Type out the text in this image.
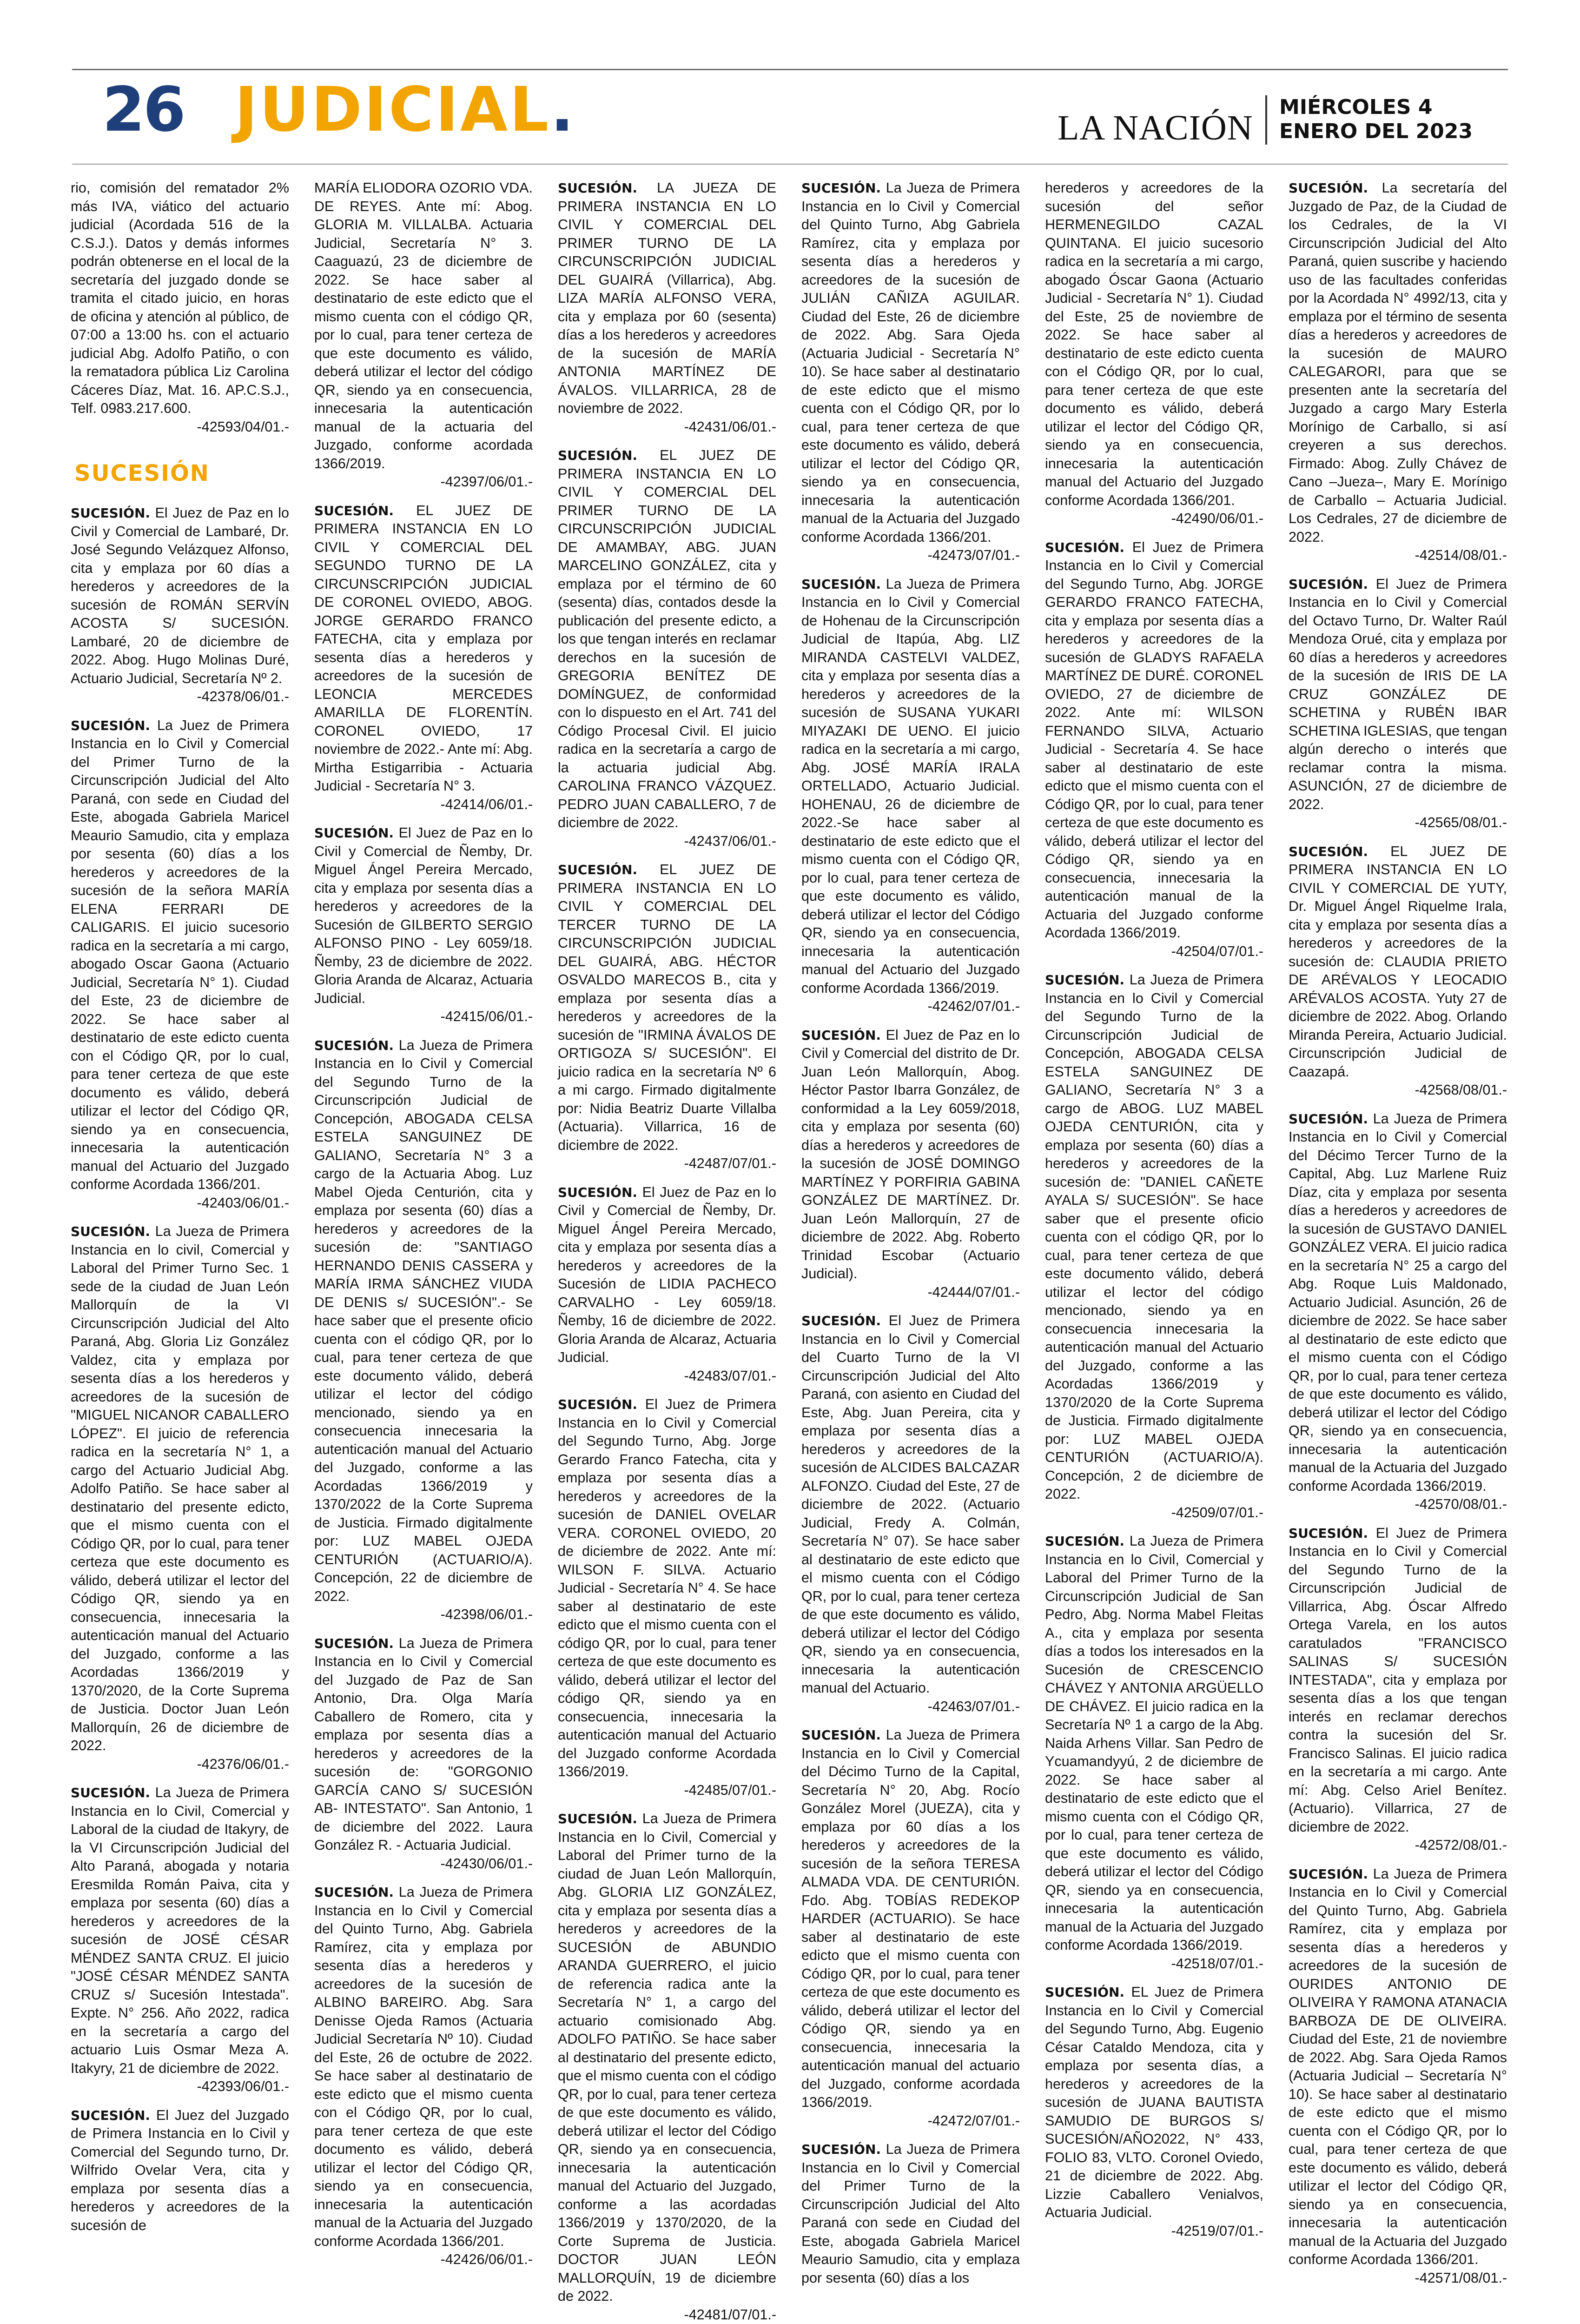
26 JUDICIAL.	LA NACIÓN
MIÉRCOLES 4
ENERO DEL 2023

rio, comisión del rematador 2% más IVA, viático del actuario judicial (Acordada 516 de la C.S.J.). Datos y demás informes podrán obtenerse en el local de la secretaría del juzgado donde se tramita el citado juicio, en horas de oficina y atención al público, de 07:00 a 13:00 hs. con el actuario judicial Abg. Adolfo Patiño, o con la rematadora pública Liz Carolina Cáceres Díaz, Mat. 16. AP.C.S.J., Telf. 0983.217.600.

-42593/04/01.-
SUCESIÓN

SUCESIÓN. El Juez de Paz en lo Civil y Comercial de Lambaré, Dr. José Segundo Velázquez Alfonso, cita y emplaza por 60 días a herederos y acreedores de la sucesión de ROMÁN SERVÍN ACOSTA S/ SUCESIÓN. Lambaré, 20 de diciembre de 2022. Abog. Hugo Molinas Duré, Actuario Judicial, Secretaría Nº 2.

-42378/06/01.-

SUCESIÓN. La Juez de Primera Instancia en lo Civil y Comercial del Primer Turno de la Circunscripción Judicial del Alto Paraná, con sede en Ciudad del Este, abogada Gabriela Maricel Meaurio Samudio, cita y emplaza por sesenta (60) días a los herederos y acreedores de la sucesión de la señora MARÍA ELENA FERRARI DE CALIGARIS. El juicio sucesorio radica en la secretaría a mi cargo, abogado Oscar Gaona (Actuario Judicial, Secretaría N° 1). Ciudad del Este, 23 de diciembre de 2022. Se hace saber al destinatario de este edicto cuenta con el Código QR, por lo cual, para tener certeza de que este documento es válido, deberá utilizar el lector del Código QR, siendo ya en consecuencia, innecesaria la autenticación manual del Actuario del Juzgado conforme Acordada 1366/201.

-42403/06/01.-

SUCESIÓN. La Jueza de Primera Instancia en lo civil, Comercial y Laboral del Primer Turno Sec. 1 sede de la ciudad de Juan León Mallorquín de la VI Circunscripción Judicial del Alto Paraná, Abg. Gloria Liz González Valdez, cita y emplaza por sesenta días a los herederos y acreedores de la sucesión de "MIGUEL NICANOR CABALLERO LÓPEZ". El juicio de referencia radica en la secretaría N° 1, a cargo del Actuario Judicial Abg. Adolfo Patiño. Se hace saber al destinatario del presente edicto, que el mismo cuenta con el Código QR, por lo cual, para tener certeza que este documento es válido, deberá utilizar el lector del Código QR, siendo ya en consecuencia, innecesaria la autenticación manual del Actuario del Juzgado, conforme a las Acordadas 1366/2019 y 1370/2020, de la Corte Suprema de Justicia. Doctor Juan León Mallorquín, 26 de diciembre de 2022.

-42376/06/01.-

SUCESIÓN. La Jueza de Primera Instancia en lo Civil, Comercial y Laboral de la ciudad de Itakyry, de la VI Circunscripción Judicial del Alto Paraná, abogada y notaria Eresmilda Román Paiva, cita y emplaza por sesenta (60) días a herederos y acreedores de la sucesión de JOSÉ CÉSAR MÉNDEZ SANTA CRUZ. El juicio "JOSÉ CÉSAR MÉNDEZ SANTA CRUZ s/ Sucesión Intestada". Expte. N° 256. Año 2022, radica en la secretaría a cargo del actuario Luis Osmar Meza A. Itakyry, 21 de diciembre de 2022.

-42393/06/01.-

SUCESIÓN. El Juez del Juzgado de Primera Instancia en lo Civil y Comercial del Segundo turno, Dr. Wilfrido Ovelar Vera, cita y emplaza por sesenta días a herederos y acreedores de la sucesión de

MARÍA ELIODORA OZORIO VDA. DE REYES. Ante mí: Abog. GLORIA M. VILLALBA. Actuaria Judicial, Secretaría N° 3. Caaguazú, 23 de diciembre de 2022. Se hace saber al destinatario de este edicto que el mismo cuenta con el código QR, por lo cual, para tener certeza de que este documento es válido, deberá utilizar el lector del código QR, siendo ya en consecuencia, innecesaria la autenticación manual de la actuaria del Juzgado, conforme acordada 1366/2019.

-42397/06/01.-

SUCESIÓN. EL JUEZ DE PRIMERA INSTANCIA EN LO CIVIL Y COMERCIAL DEL SEGUNDO TURNO DE LA CIRCUNSCRIPCIÓN JUDICIAL DE CORONEL OVIEDO, ABOG. JORGE GERARDO FRANCO FATECHA, cita y emplaza por sesenta días a herederos y acreedores de la sucesión de LEONCIA MERCEDES AMARILLA DE FLORENTÍN. CORONEL OVIEDO, 17 noviembre de 2022.- Ante mí: Abg. Mirtha Estigarribia - Actuaria Judicial - Secretaría N° 3.

-42414/06/01.-

SUCESIÓN. El Juez de Paz en lo Civil y Comercial de Ñemby, Dr. Miguel Ángel Pereira Mercado, cita y emplaza por sesenta días a herederos y acreedores de la Sucesión de GILBERTO SERGIO ALFONSO PINO - Ley 6059/18. Ñemby, 23 de diciembre de 2022. Gloria Aranda de Alcaraz, Actuaria Judicial.

-42415/06/01.-

SUCESIÓN. La Jueza de Primera Instancia en lo Civil y Comercial del Segundo Turno de la Circunscripción Judicial de Concepción, ABOGADA CELSA ESTELA SANGUINEZ DE GALIANO, Secretaría N° 3 a cargo de la Actuaria Abog. Luz Mabel Ojeda Centurión, cita y emplaza por sesenta (60) días a herederos y acreedores de la sucesión de: "SANTIAGO HERNANDO DENIS CASSERA y MARÍA IRMA SÁNCHEZ VIUDA DE DENIS s/ SUCESIÓN".- Se hace saber que el presente oficio cuenta con el código QR, por lo cual, para tener certeza de que este documento válido, deberá utilizar el lector del código mencionado, siendo ya en consecuencia innecesaria la autenticación manual del Actuario del Juzgado, conforme a las Acordadas 1366/2019 y 1370/2022 de la Corte Suprema de Justicia. Firmado digitalmente por: LUZ MABEL OJEDA CENTURIÓN (ACTUARIO/A). Concepción, 22 de diciembre de 2022.

-42398/06/01.-

SUCESIÓN. La Jueza de Primera Instancia en lo Civil y Comercial del Juzgado de Paz de San Antonio, Dra. Olga María Caballero de Romero, cita y emplaza por sesenta días a herederos y acreedores de la sucesión de: "GORGONIO GARCÍA CANO S/ SUCESIÓN AB- INTESTATO". San Antonio, 1 de diciembre del 2022. Laura González R. - Actuaria Judicial.

-42430/06/01.-

SUCESIÓN. La Jueza de Primera Instancia en lo Civil y Comercial del Quinto Turno, Abg. Gabriela Ramírez, cita y emplaza por sesenta días a herederos y acreedores de la sucesión de ALBINO BAREIRO. Abg. Sara Denisse Ojeda Ramos (Actuaria Judicial Secretaría Nº 10). Ciudad del Este, 26 de octubre de 2022. Se hace saber al destinatario de este edicto que el mismo cuenta con el Código QR, por lo cual, para tener certeza de que este documento es válido, deberá utilizar el lector del Código QR, siendo ya en consecuencia, innecesaria la autenticación manual de la Actuaria del Juzgado conforme Acordada 1366/201.

-42426/06/01.-

SUCESIÓN. LA JUEZA DE PRIMERA INSTANCIA EN LO CIVIL Y COMERCIAL DEL PRIMER TURNO DE LA CIRCUNSCRIPCIÓN JUDICIAL DEL GUAIRÁ (Villarrica), Abg. LIZA MARÍA ALFONSO VERA, cita y emplaza por 60 (sesenta) días a los herederos y acreedores de la sucesión de MARÍA ANTONIA MARTÍNEZ DE ÁVALOS. VILLARRICA, 28 de noviembre de 2022.

-42431/06/01.-

SUCESIÓN. EL JUEZ DE PRIMERA INSTANCIA EN LO CIVIL Y COMERCIAL DEL PRIMER TURNO DE LA CIRCUNSCRIPCIÓN JUDICIAL DE AMAMBAY, ABG. JUAN MARCELINO GONZÁLEZ, cita y emplaza por el término de 60 (sesenta) días, contados desde la publicación del presente edicto, a los que tengan interés en reclamar derechos en la sucesión de GREGORIA BENÍTEZ DE DOMÍNGUEZ, de conformidad con lo dispuesto en el Art. 741 del Código Procesal Civil. El juicio radica en la secretaría a cargo de la actuaria judicial Abg. CAROLINA FRANCO VÁZQUEZ. PEDRO JUAN CABALLERO, 7 de diciembre de 2022.

-42437/06/01.-

SUCESIÓN. EL JUEZ DE PRIMERA INSTANCIA EN LO CIVIL Y COMERCIAL DEL TERCER TURNO DE LA CIRCUNSCRIPCIÓN JUDICIAL DEL GUAIRÁ, ABG. HÉCTOR OSVALDO MARECOS B., cita y emplaza por sesenta días a herederos y acreedores de la sucesión de "IRMINA ÁVALOS DE ORTIGOZA S/ SUCESIÓN". El juicio radica en la secretaría Nº 6 a mi cargo. Firmado digitalmente por: Nidia Beatriz Duarte Villalba (Actuaria). Villarrica, 16 de diciembre de 2022.

-42487/07/01.-

SUCESIÓN. El Juez de Paz en lo Civil y Comercial de Ñemby, Dr. Miguel Ángel Pereira Mercado, cita y emplaza por sesenta días a herederos y acreedores de la Sucesión de LIDIA PACHECO CARVALHO - Ley 6059/18. Ñemby, 16 de diciembre de 2022. Gloria Aranda de Alcaraz, Actuaria Judicial.

-42483/07/01.-

SUCESIÓN. El Juez de Primera Instancia en lo Civil y Comercial del Segundo Turno, Abg. Jorge Gerardo Franco Fatecha, cita y emplaza por sesenta días a herederos y acreedores de la sucesión de DANIEL OVELAR VERA. CORONEL OVIEDO, 20 de diciembre de 2022. Ante mí: WILSON F. SILVA. Actuario Judicial - Secretaría N° 4. Se hace saber al destinatario de este edicto que el mismo cuenta con el código QR, por lo cual, para tener certeza de que este documento es válido, deberá utilizar el lector del código QR, siendo ya en consecuencia, innecesaria la autenticación manual del Actuario del Juzgado conforme Acordada 1366/2019.

-42485/07/01.-

SUCESIÓN. La Jueza de Primera Instancia en lo Civil, Comercial y Laboral del Primer turno de la ciudad de Juan León Mallorquín, Abg. GLORIA LIZ GONZÁLEZ, cita y emplaza por sesenta días a herederos y acreedores de la SUCESIÓN de ABUNDIO ARANDA GUERRERO, el juicio de referencia radica ante la Secretaría N° 1, a cargo del actuario comisionado Abg. ADOLFO PATIÑO. Se hace saber al destinatario del presente edicto, que el mismo cuenta con el código QR, por lo cual, para tener certeza de que este documento es válido, deberá utilizar el lector del Código QR, siendo ya en consecuencia, innecesaria la autenticación manual del Actuario del Juzgado, conforme a las acordadas 1366/2019 y 1370/2020, de la Corte Suprema de Justicia. DOCTOR JUAN LEÓN MALLORQUÍN, 19 de diciembre de 2022.

-42481/07/01.-

SUCESIÓN. La Jueza de Primera Instancia en lo Civil y Comercial del Quinto Turno, Abg Gabriela Ramírez, cita y emplaza por sesenta días a herederos y acreedores de la sucesión de JULIÁN CAÑIZA AGUILAR. Ciudad del Este, 26 de diciembre de 2022. Abg. Sara Ojeda (Actuaria Judicial - Secretaría N° 10). Se hace saber al destinatario de este edicto que el mismo cuenta con el Código QR, por lo cual, para tener certeza de que este documento es válido, deberá utilizar el lector del Código QR, siendo ya en consecuencia, innecesaria la autenticación manual de la Actuaria del Juzgado conforme Acordada 1366/201.

-42473/07/01.-

SUCESIÓN. La Jueza de Primera Instancia en lo Civil y Comercial de Hohenau de la Circunscripción Judicial de Itapúa, Abg. LIZ MIRANDA CASTELVI VALDEZ, cita y emplaza por sesenta días a herederos y acreedores de la sucesión de SUSANA YUKARI MIYAZAKI DE UENO. El juicio radica en la secretaría a mi cargo, Abg. JOSÉ MARÍA IRALA ORTELLADO, Actuario Judicial. HOHENAU, 26 de diciembre de 2022.-Se hace saber al destinatario de este edicto que el mismo cuenta con el Código QR, por lo cual, para tener certeza de que este documento es válido, deberá utilizar el lector del Código QR, siendo ya en consecuencia, innecesaria la autenticación manual del Actuario del Juzgado conforme Acordada 1366/2019.

-42462/07/01.-

SUCESIÓN. El Juez de Paz en lo Civil y Comercial del distrito de Dr. Juan León Mallorquín, Abog. Héctor Pastor Ibarra González, de conformidad a la Ley 6059/2018, cita y emplaza por sesenta (60) días a herederos y acreedores de la sucesión de JOSÉ DOMINGO MARTÍNEZ Y PORFIRIA GABINA GONZÁLEZ DE MARTÍNEZ. Dr. Juan León Mallorquín, 27 de diciembre de 2022. Abg. Roberto Trinidad Escobar (Actuario Judicial).

-42444/07/01.-

SUCESIÓN. El Juez de Primera Instancia en lo Civil y Comercial del Cuarto Turno de la VI Circunscripción Judicial del Alto Paraná, con asiento en Ciudad del Este, Abg. Juan Pereira, cita y emplaza por sesenta días a herederos y acreedores de la sucesión de ALCIDES BALCAZAR ALFONZO. Ciudad del Este, 27 de diciembre de 2022. (Actuario Judicial, Fredy A. Colmán, Secretaría N° 07). Se hace saber al destinatario de este edicto que el mismo cuenta con el Código QR, por lo cual, para tener certeza de que este documento es válido, deberá utilizar el lector del Código QR, siendo ya en consecuencia, innecesaria la autenticación manual del Actuario.

-42463/07/01.-

SUCESIÓN. La Jueza de Primera Instancia en lo Civil y Comercial del Décimo Turno de la Capital, Secretaría N° 20, Abg. Rocío González Morel (JUEZA), cita y emplaza por 60 días a los herederos y acreedores de la sucesión de la señora TERESA ALMADA VDA. DE CENTURIÓN. Fdo. Abg. TOBÍAS REDEKOP HARDER (ACTUARIO). Se hace saber al destinatario de este edicto que el mismo cuenta con Código QR, por lo cual, para tener certeza de que este documento es válido, deberá utilizar el lector del Código QR, siendo ya en consecuencia, innecesaria la autenticación manual del actuario del Juzgado, conforme acordada 1366/2019.

-42472/07/01.-

SUCESIÓN. La Jueza de Primera Instancia en lo Civil y Comercial del Primer Turno de la Circunscripción Judicial del Alto Paraná con sede en Ciudad del Este, abogada Gabriela Maricel Meaurio Samudio, cita y emplaza por sesenta (60) días a los

herederos y acreedores de la sucesión del señor HERMENEGILDO CAZAL QUINTANA. El juicio sucesorio radica en la secretaría a mi cargo, abogado Óscar Gaona (Actuario Judicial - Secretaría N° 1). Ciudad del Este, 25 de noviembre de 2022. Se hace saber al destinatario de este edicto cuenta con el Código QR, por lo cual, para tener certeza de que este documento es válido, deberá utilizar el lector del Código QR, siendo ya en consecuencia, innecesaria la autenticación manual del Actuario del Juzgado conforme Acordada 1366/201.

-42490/06/01.-

SUCESIÓN. El Juez de Primera Instancia en lo Civil y Comercial del Segundo Turno, Abg. JORGE GERARDO FRANCO FATECHA, cita y emplaza por sesenta días a herederos y acreedores de la sucesión de GLADYS RAFAELA MARTÍNEZ DE DURÉ. CORONEL OVIEDO, 27 de diciembre de 2022. Ante mí: WILSON FERNANDO SILVA, Actuario Judicial - Secretaría 4. Se hace saber al destinatario de este edicto que el mismo cuenta con el Código QR, por lo cual, para tener certeza de que este documento es válido, deberá utilizar el lector del Código QR, siendo ya en consecuencia, innecesaria la autenticación manual de la Actuaria del Juzgado conforme Acordada 1366/2019.

-42504/07/01.-

SUCESIÓN. La Jueza de Primera Instancia en lo Civil y Comercial del Segundo Turno de la Circunscripción Judicial de Concepción, ABOGADA CELSA ESTELA SANGUINEZ DE GALIANO, Secretaría N° 3 a cargo de ABOG. LUZ MABEL OJEDA CENTURIÓN, cita y emplaza por sesenta (60) días a herederos y acreedores de la sucesión de: "DANIEL CAÑETE AYALA S/ SUCESIÓN". Se hace saber que el presente oficio cuenta con el código QR, por lo cual, para tener certeza de que este documento válido, deberá utilizar el lector del código mencionado, siendo ya en consecuencia innecesaria la autenticación manual del Actuario del Juzgado, conforme a las Acordadas 1366/2019 y 1370/2020 de la Corte Suprema de Justicia. Firmado digitalmente por: LUZ MABEL OJEDA CENTURIÓN (ACTUARIO/A). Concepción, 2 de diciembre de 2022.

-42509/07/01.-

SUCESIÓN. La Jueza de Primera Instancia en lo Civil, Comercial y Laboral del Primer Turno de la Circunscripción Judicial de San Pedro, Abg. Norma Mabel Fleitas A., cita y emplaza por sesenta días a todos los interesados en la Sucesión de CRESCENCIO CHÁVEZ Y ANTONIA ARGÜELLO DE CHÁVEZ. El juicio radica en la Secretaría Nº 1 a cargo de la Abg. Naida Arhens Villar. San Pedro de Ycuamandyyú, 2 de diciembre de 2022. Se hace saber al destinatario de este edicto que el mismo cuenta con el Código QR, por lo cual, para tener certeza de que este documento es válido, deberá utilizar el lector del Código QR, siendo ya en consecuencia, innecesaria la autenticación manual de la Actuaria del Juzgado conforme Acordada 1366/2019.

-42518/07/01.-

SUCESIÓN. EL Juez de Primera Instancia en lo Civil y Comercial del Segundo Turno, Abg. Eugenio César Cataldo Mendoza, cita y emplaza por sesenta días, a herederos y acreedores de la sucesión de JUANA BAUTISTA SAMUDIO DE BURGOS S/ SUCESIÓN/AÑO2022, N° 433, FOLIO 83, VLTO. Coronel Oviedo, 21 de diciembre de 2022. Abg. Lizzie Caballero Venialvos, Actuaria Judicial.

-42519/07/01.-

SUCESIÓN. La secretaría del Juzgado de Paz, de la Ciudad de los Cedrales, de la VI Circunscripción Judicial del Alto Paraná, quien suscribe y haciendo uso de las facultades conferidas por la Acordada N° 4992/13, cita y emplaza por el término de sesenta días a herederos y acreedores de la sucesión de MAURO CALEGARORI, para que se presenten ante la secretaría del Juzgado a cargo Mary Esterla Morínigo de Carballo, si así creyeren a sus derechos. Firmado: Abog. Zully Chávez de Cano –Jueza–, Mary E. Morínigo de Carballo – Actuaria Judicial. Los Cedrales, 27 de diciembre de 2022.

-42514/08/01.-

SUCESIÓN. El Juez de Primera Instancia en lo Civil y Comercial del Octavo Turno, Dr. Walter Raúl Mendoza Orué, cita y emplaza por 60 días a herederos y acreedores de la sucesión de IRIS DE LA CRUZ GONZÁLEZ DE SCHETINA y RUBÉN IBAR SCHETINA IGLESIAS, que tengan algún derecho o interés que reclamar contra la misma. ASUNCIÓN, 27 de diciembre de 2022.

-42565/08/01.-

SUCESIÓN. EL JUEZ DE PRIMERA INSTANCIA EN LO CIVIL Y COMERCIAL DE YUTY, Dr. Miguel Ángel Riquelme Irala, cita y emplaza por sesenta días a herederos y acreedores de la sucesión de: CLAUDIA PRIETO DE ARÉVALOS Y LEOCADIO ARÉVALOS ACOSTA. Yuty 27 de diciembre de 2022. Abog. Orlando Miranda Pereira, Actuario Judicial. Circunscripción Judicial de Caazapá.

-42568/08/01.-

SUCESIÓN. La Jueza de Primera Instancia en lo Civil y Comercial del Décimo Tercer Turno de la Capital, Abg. Luz Marlene Ruiz Díaz, cita y emplaza por sesenta días a herederos y acreedores de la sucesión de GUSTAVO DANIEL GONZÁLEZ VERA. El juicio radica en la secretaría N° 25 a cargo del Abg. Roque Luis Maldonado, Actuario Judicial. Asunción, 26 de diciembre de 2022. Se hace saber al destinatario de este edicto que el mismo cuenta con el Código QR, por lo cual, para tener certeza de que este documento es válido, deberá utilizar el lector del Código QR, siendo ya en consecuencia, innecesaria la autenticación manual de la Actuaria del Juzgado conforme Acordada 1366/2019.

-42570/08/01.-

SUCESIÓN. El Juez de Primera Instancia en lo Civil y Comercial del Segundo Turno de la Circunscripción Judicial de Villarrica, Abg. Óscar Alfredo Ortega Varela, en los autos caratulados "FRANCISCO SALINAS S/ SUCESIÓN INTESTADA", cita y emplaza por sesenta días a los que tengan interés en reclamar derechos contra la sucesión del Sr. Francisco Salinas. El juicio radica en la secretaría a mi cargo. Ante mí: Abg. Celso Ariel Benítez. (Actuario). Villarrica, 27 de diciembre de 2022.

-42572/08/01.-

SUCESIÓN. La Jueza de Primera Instancia en lo Civil y Comercial del Quinto Turno, Abg. Gabriela Ramírez, cita y emplaza por sesenta días a herederos y acreedores de la sucesión de OURIDES ANTONIO DE OLIVEIRA Y RAMONA ATANACIA BARBOZA DE DE OLIVEIRA. Ciudad del Este, 21 de noviembre de 2022. Abg. Sara Ojeda Ramos (Actuaria Judicial – Secretaría N° 10). Se hace saber al destinatario de este edicto que el mismo cuenta con el Código QR, por lo cual, para tener certeza de que este documento es válido, deberá utilizar el lector del Código QR, siendo ya en consecuencia, innecesaria la autenticación manual de la Actuaria del Juzgado conforme Acordada 1366/201.

-42571/08/01.-
